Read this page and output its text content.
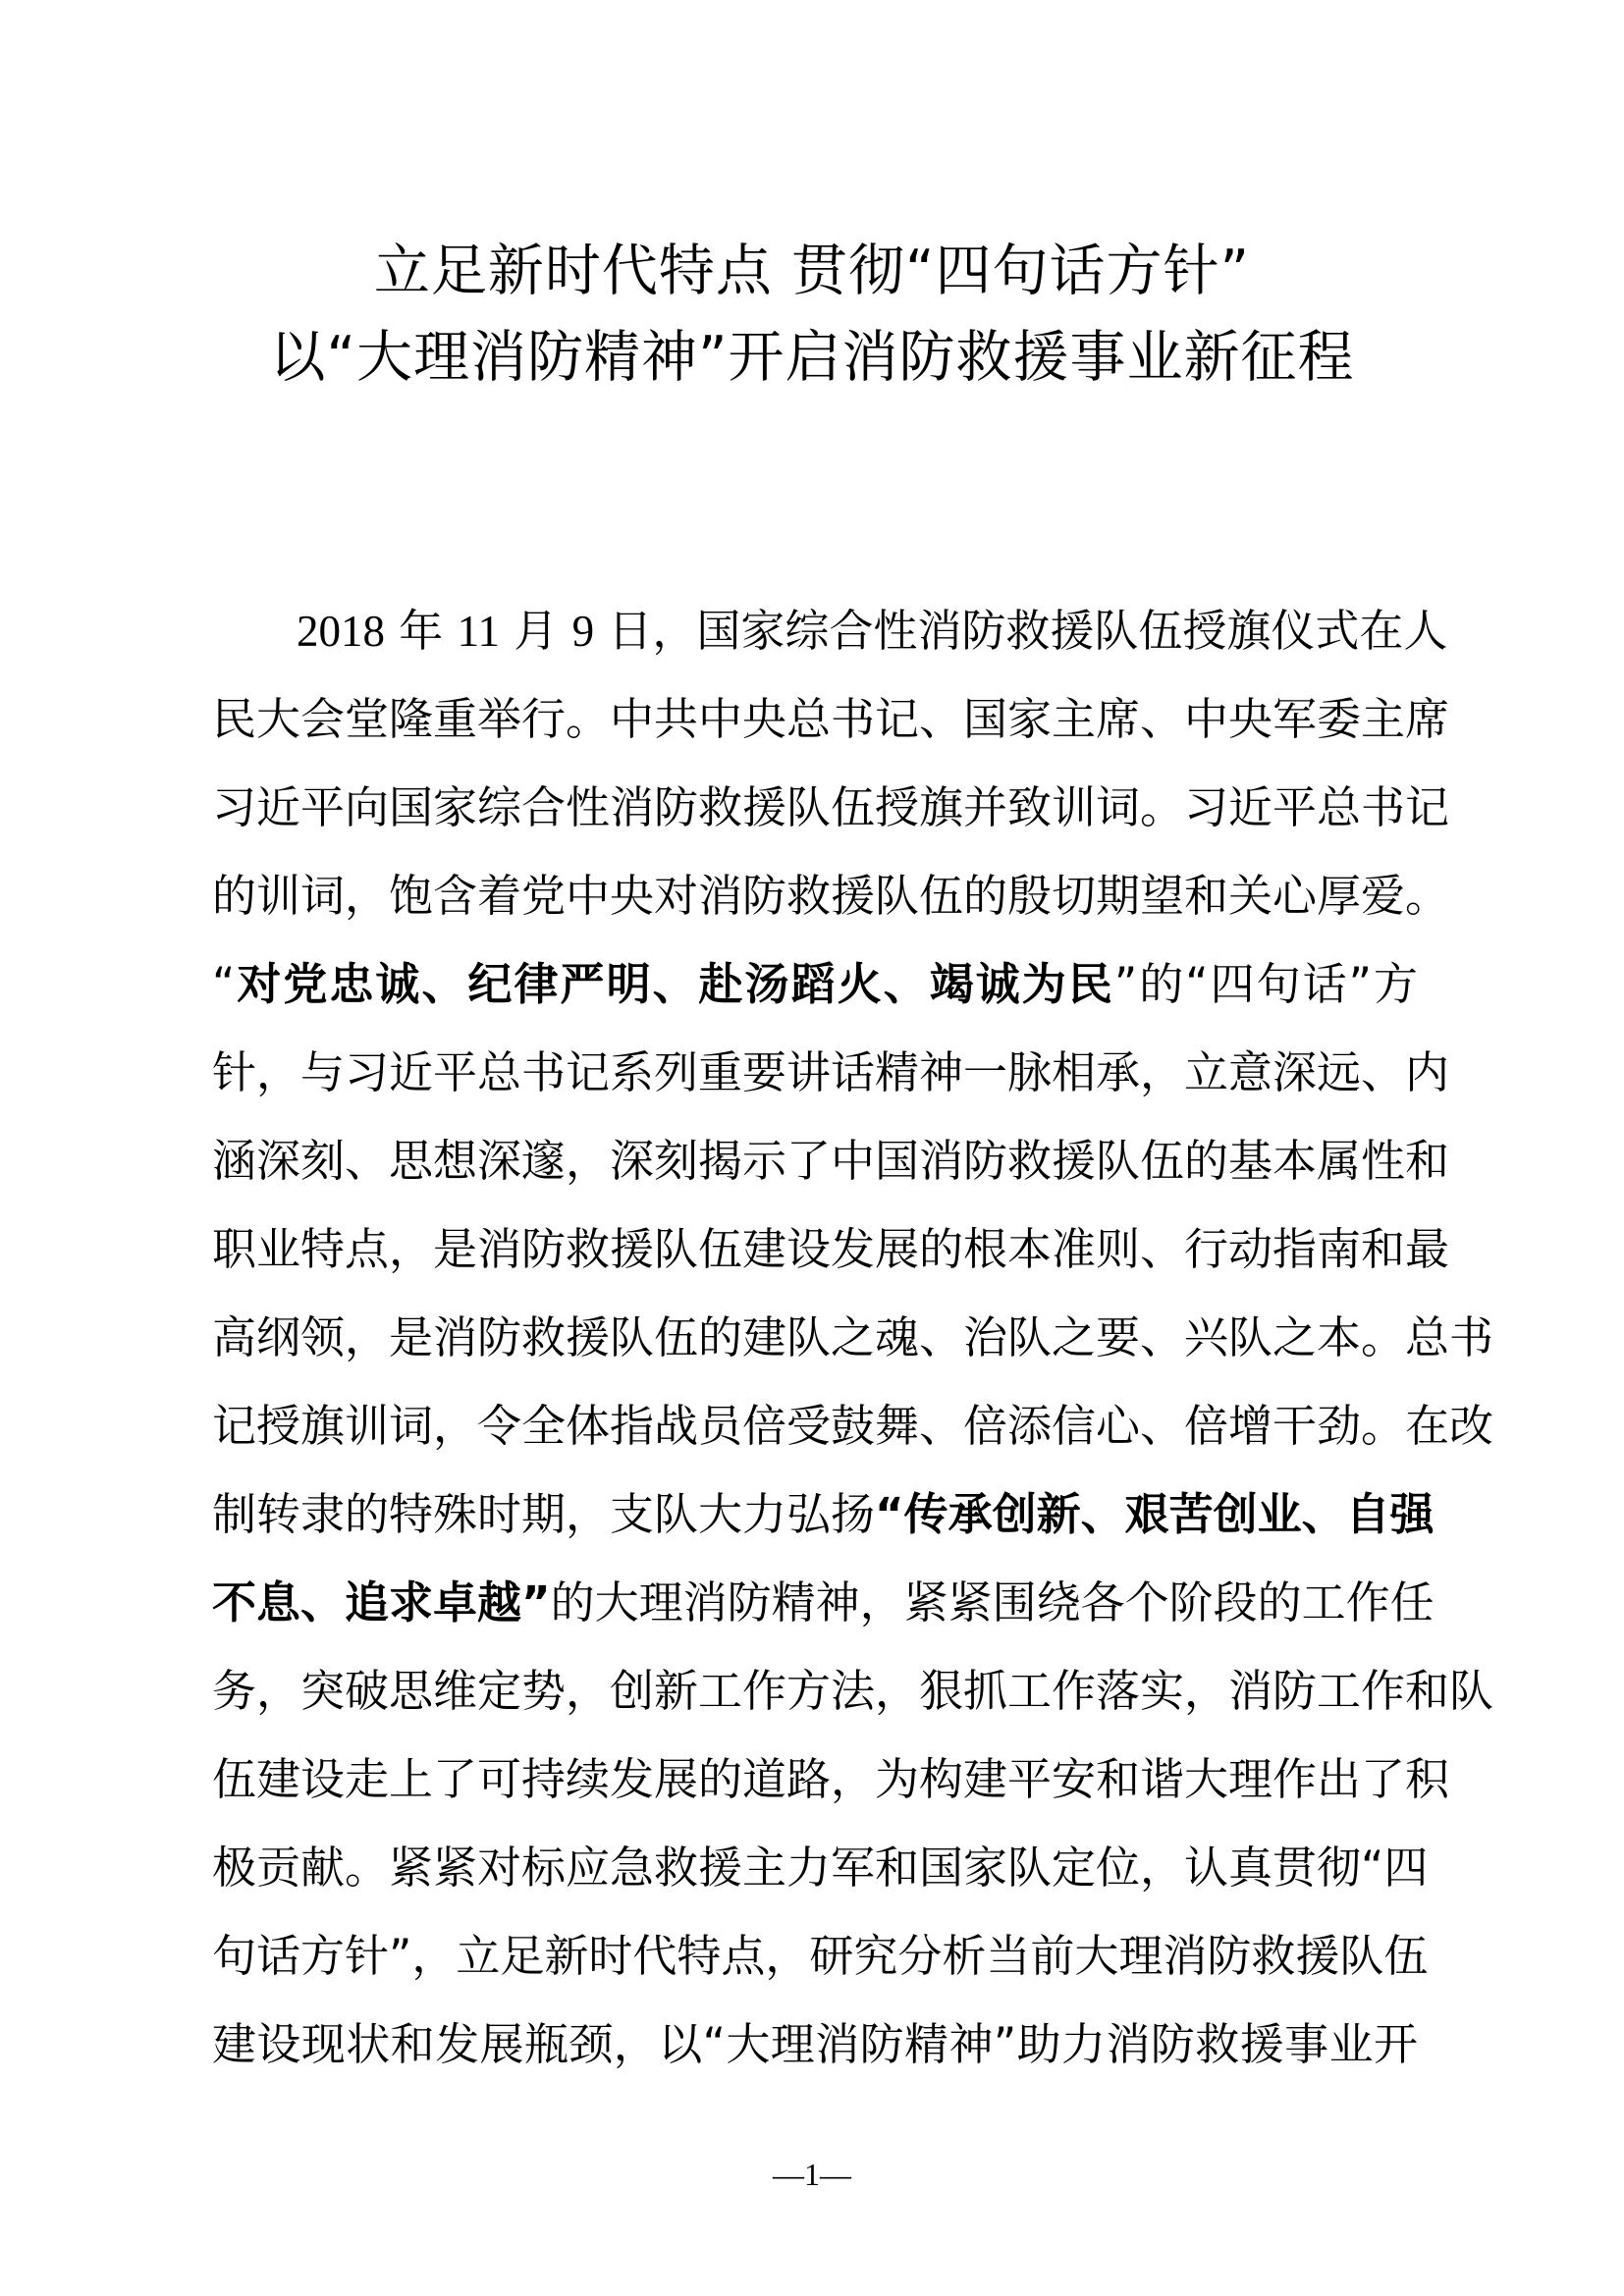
立足新时代特点 贯彻“四句话方针”
以“大理消防精神”开启消防救援事业新征程
2018 年 11 月 9 日，国家综合性消防救援队伍授旗仪式在人
民大会堂隆重举行。中共中央总书记、国家主席、中央军委主席
习近平向国家综合性消防救援队伍授旗并致训词。习近平总书记
的训词，饱含着党中央对消防救援队伍的殷切期望和关心厚爱。
“对党忠诚、纪律严明、赴汤蹈火、竭诚为民”的“四句话”方
针，与习近平总书记系列重要讲话精神一脉相承，立意深远、内
涵深刻、思想深邃，深刻揭示了中国消防救援队伍的基本属性和
职业特点，是消防救援队伍建设发展的根本准则、行动指南和最
高纲领，是消防救援队伍的建队之魂、治队之要、兴队之本。总书
记授旗训词，令全体指战员倍受鼓舞、倍添信心、倍增干劲。在改
制转隶的特殊时期，支队大力弘扬“传承创新、艰苦创业、自强
不息、追求卓越”的大理消防精神，紧紧围绕各个阶段的工作任
务，突破思维定势，创新工作方法，狠抓工作落实，消防工作和队
伍建设走上了可持续发展的道路，为构建平安和谐大理作出了积
极贡献。紧紧对标应急救援主力军和国家队定位，认真贯彻“四
句话方针”，立足新时代特点，研究分析当前大理消防救援队伍
建设现状和发展瓶颈，以“大理消防精神”助力消防救援事业开
—1—
